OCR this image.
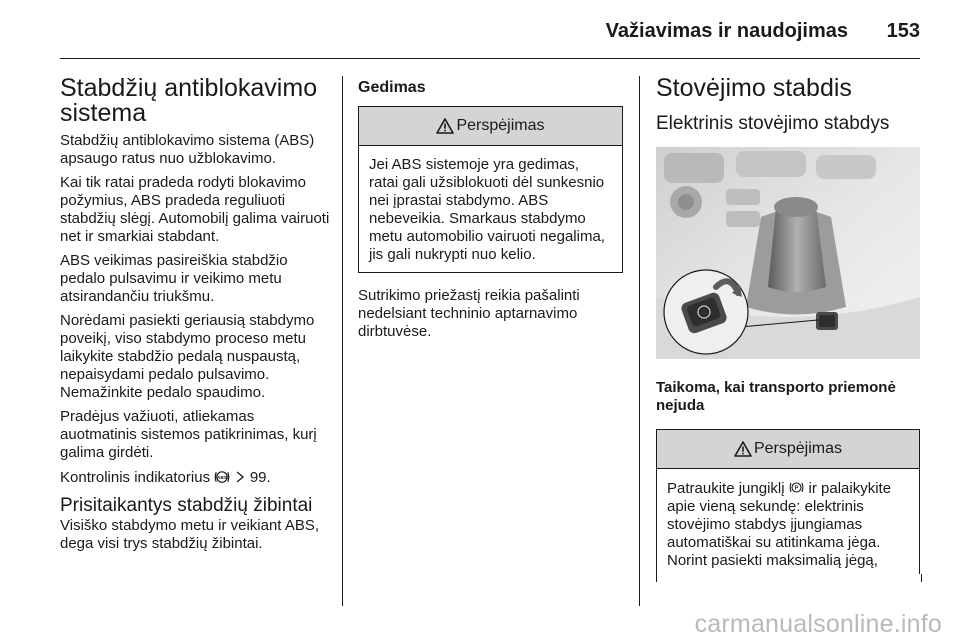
Važiavimas ir naudojimas 153
Stabdžių antiblokavimo sistema

Stabdžių antiblokavimo sistema (ABS) apsaugo ratus nuo užblokavimo.

Kai tik ratai pradeda rodyti blokavimo požymius, ABS pradeda reguliuoti stabdžių slėgį. Automobilį galima vairuoti net ir smarkiai stabdant.

ABS veikimas pasireiškia stabdžio pedalo pulsavimu ir veikimo metu atsirandančiu triukšmu.

Norėdami pasiekti geriausią stabdymo poveikį, viso stabdymo proceso metu laikykite stabdžio pedalą nuspaustą, nepaisydami pedalo pulsavimo. Nemažinkite pedalo spaudimo.

Pradėjus važiuoti, atliekamas auotmatinis sistemos patikrinimas, kurį galima girdėti.

Kontrolinis indikatorius ABS 99.

Prisitaikantys stabdžių žibintai

Visiško stabdymo metu ir veikiant ABS, dega visi trys stabdžių žibintai.

Gedimas
Perspėjimas

Jei ABS sistemoje yra gedimas, ratai gali užsiblokuoti dėl sunkesnio nei įprastai stabdymo. ABS nebeveikia. Smarkaus stabdymo metu automobilio vairuoti negalima, jis gali nukrypti nuo kelio.

Sutrikimo priežastį reikia pašalinti nedelsiant techninio aptarnavimo dirbtuvėse.

Stovėjimo stabdis
Elektrinis stovėjimo stabdys
Taikoma, kai transporto priemonė nejuda
Perspėjimas

Patraukite jungiklį P ir palaikykite apie vieną sekundę: elektrinis stovėjimo stabdys įjungiamas automatiškai su atitinkama jėga. Norint pasiekti maksimalią jėgą,

carmanualsonline.info
